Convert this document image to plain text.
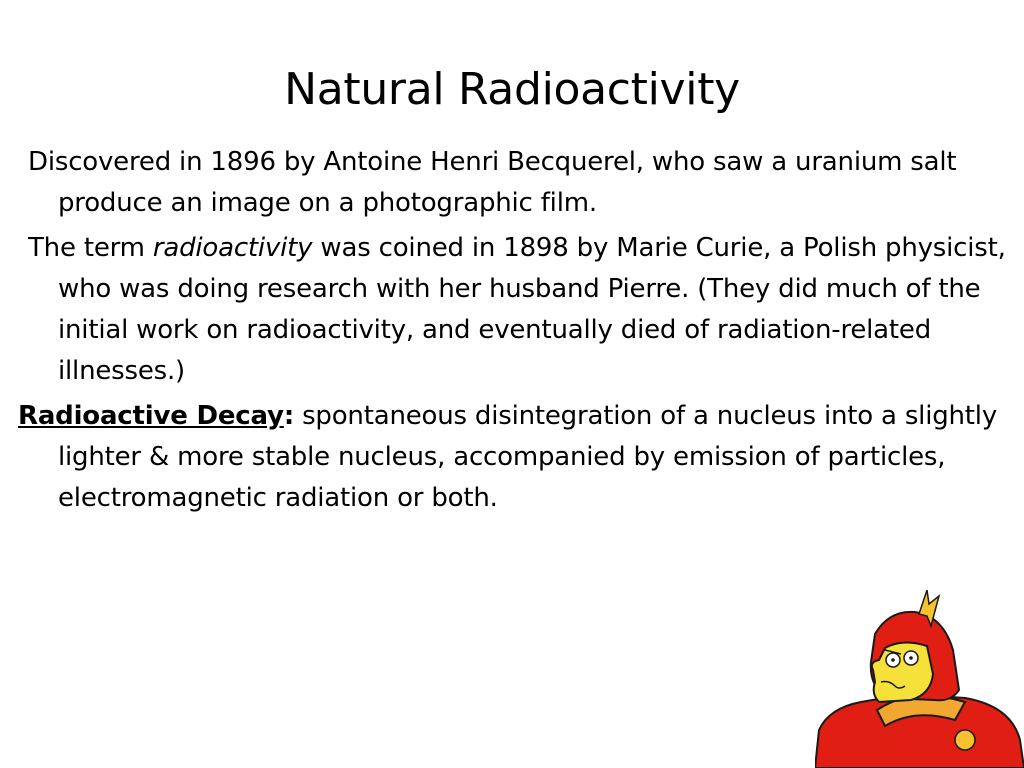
Natural Radioactivity

Discovered in 1896 by Antoine Henri Becquerel, who saw a uranium salt produce an image on a photographic film.

The term radioactivity was coined in 1898 by Marie Curie, a Polish physicist, who was doing research with her husband Pierre. (They did much of the initial work on radioactivity, and eventually died of radiation-related illnesses.)

Radioactive Decay: spontaneous disintegration of a nucleus into a slightly lighter & more stable nucleus, accompanied by emission of particles, electromagnetic radiation or both.
